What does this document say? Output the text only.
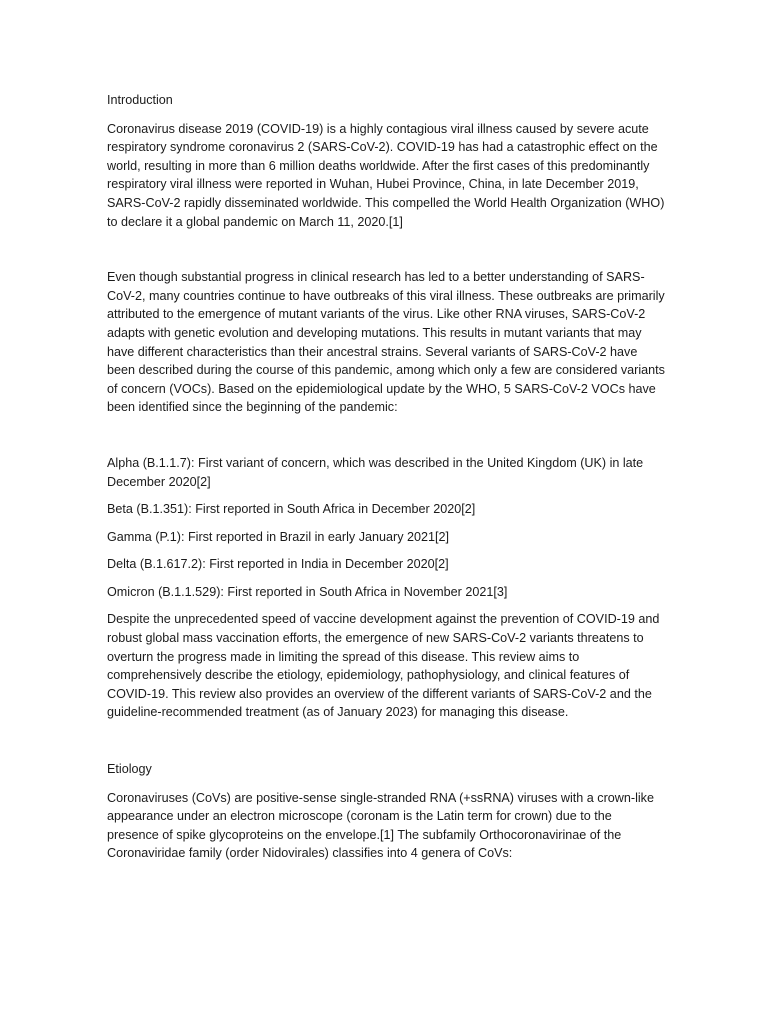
Introduction

Coronavirus disease 2019 (COVID-19) is a highly contagious viral illness caused by severe acute respiratory syndrome coronavirus 2 (SARS-CoV-2). COVID-19 has had a catastrophic effect on the world, resulting in more than 6 million deaths worldwide. After the first cases of this predominantly respiratory viral illness were reported in Wuhan, Hubei Province, China, in late December 2019, SARS-CoV-2 rapidly disseminated worldwide. This compelled the World Health Organization (WHO) to declare it a global pandemic on March 11, 2020.[1]

Even though substantial progress in clinical research has led to a better understanding of SARS-CoV-2, many countries continue to have outbreaks of this viral illness. These outbreaks are primarily attributed to the emergence of mutant variants of the virus. Like other RNA viruses, SARS-CoV-2 adapts with genetic evolution and developing mutations. This results in mutant variants that may have different characteristics than their ancestral strains. Several variants of SARS-CoV-2 have been described during the course of this pandemic, among which only a few are considered variants of concern (VOCs). Based on the epidemiological update by the WHO, 5 SARS-CoV-2 VOCs have been identified since the beginning of the pandemic:

Alpha (B.1.1.7): First variant of concern, which was described in the United Kingdom (UK) in late December 2020[2]

Beta (B.1.351): First reported in South Africa in December 2020[2]

Gamma (P.1): First reported in Brazil in early January 2021[2]

Delta (B.1.617.2): First reported in India in December 2020[2]

Omicron (B.1.1.529): First reported in South Africa in November 2021[3]

Despite the unprecedented speed of vaccine development against the prevention of COVID-19 and robust global mass vaccination efforts, the emergence of new SARS-CoV-2 variants threatens to overturn the progress made in limiting the spread of this disease. This review aims to comprehensively describe the etiology, epidemiology, pathophysiology, and clinical features of COVID-19. This review also provides an overview of the different variants of SARS-CoV-2 and the guideline-recommended treatment (as of January 2023) for managing this disease.

Etiology

Coronaviruses (CoVs) are positive-sense single-stranded RNA (+ssRNA) viruses with a crown-like appearance under an electron microscope (coronam is the Latin term for crown) due to the presence of spike glycoproteins on the envelope.[1] The subfamily Orthocoronavirinae of the Coronaviridae family (order Nidovirales) classifies into 4 genera of CoVs:
